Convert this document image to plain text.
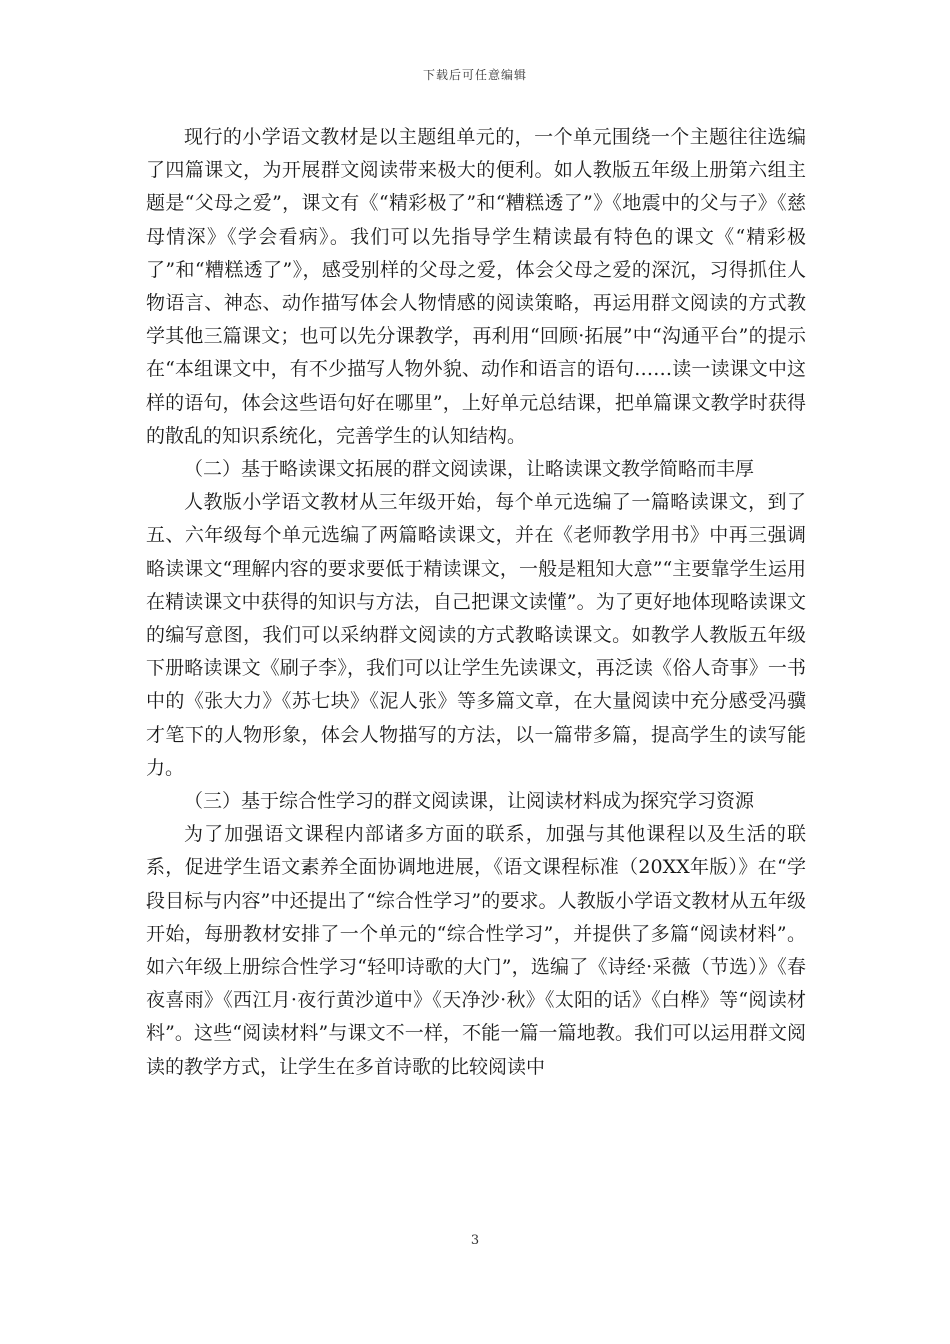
下载后可任意编辑

现行的小学语文教材是以主题组单元的，一个单元围绕一个主题往往选编了四篇课文，为开展群文阅读带来极大的便利。如人教版五年级上册第六组主题是“父母之爱”，课文有《“精彩极了”和“糟糕透了”》《地震中的父与子》《慈母情深》《学会看病》。我们可以先指导学生精读最有特色的课文《“精彩极了”和“糟糕透了”》，感受别样的父母之爱，体会父母之爱的深沉，习得抓住人物语言、神态、动作描写体会人物情感的阅读策略，再运用群文阅读的方式教学其他三篇课文；也可以先分课教学，再利用“回顾·拓展”中“沟通平台”的提示在“本组课文中，有不少描写人物外貌、动作和语言的语句……读一读课文中这样的语句，体会这些语句好在哪里”，上好单元总结课，把单篇课文教学时获得的散乱的知识系统化，完善学生的认知结构。

（二）基于略读课文拓展的群文阅读课，让略读课文教学简略而丰厚

人教版小学语文教材从三年级开始，每个单元选编了一篇略读课文，到了五、六年级每个单元选编了两篇略读课文，并在《老师教学用书》中再三强调略读课文“理解内容的要求要低于精读课文，一般是粗知大意”“主要靠学生运用在精读课文中获得的知识与方法，自己把课文读懂”。为了更好地体现略读课文的编写意图，我们可以采纳群文阅读的方式教略读课文。如教学人教版五年级下册略读课文《刷子李》，我们可以让学生先读课文，再泛读《俗人奇事》一书中的《张大力》《苏七块》《泥人张》等多篇文章，在大量阅读中充分感受冯骥才笔下的人物形象，体会人物描写的方法，以一篇带多篇，提高学生的读写能力。

（三）基于综合性学习的群文阅读课，让阅读材料成为探究学习资源

为了加强语文课程内部诸多方面的联系，加强与其他课程以及生活的联系，促进学生语文素养全面协调地进展，《语文课程标准（20XX年版）》在“学段目标与内容”中还提出了“综合性学习”的要求。人教版小学语文教材从五年级开始，每册教材安排了一个单元的“综合性学习”，并提供了多篇“阅读材料”。如六年级上册综合性学习“轻叩诗歌的大门”，选编了《诗经·采薇（节选）》《春夜喜雨》《西江月·夜行黄沙道中》《天净沙·秋》《太阳的话》《白桦》等“阅读材料”。这些“阅读材料”与课文不一样，不能一篇一篇地教。我们可以运用群文阅读的教学方式，让学生在多首诗歌的比较阅读中

3
